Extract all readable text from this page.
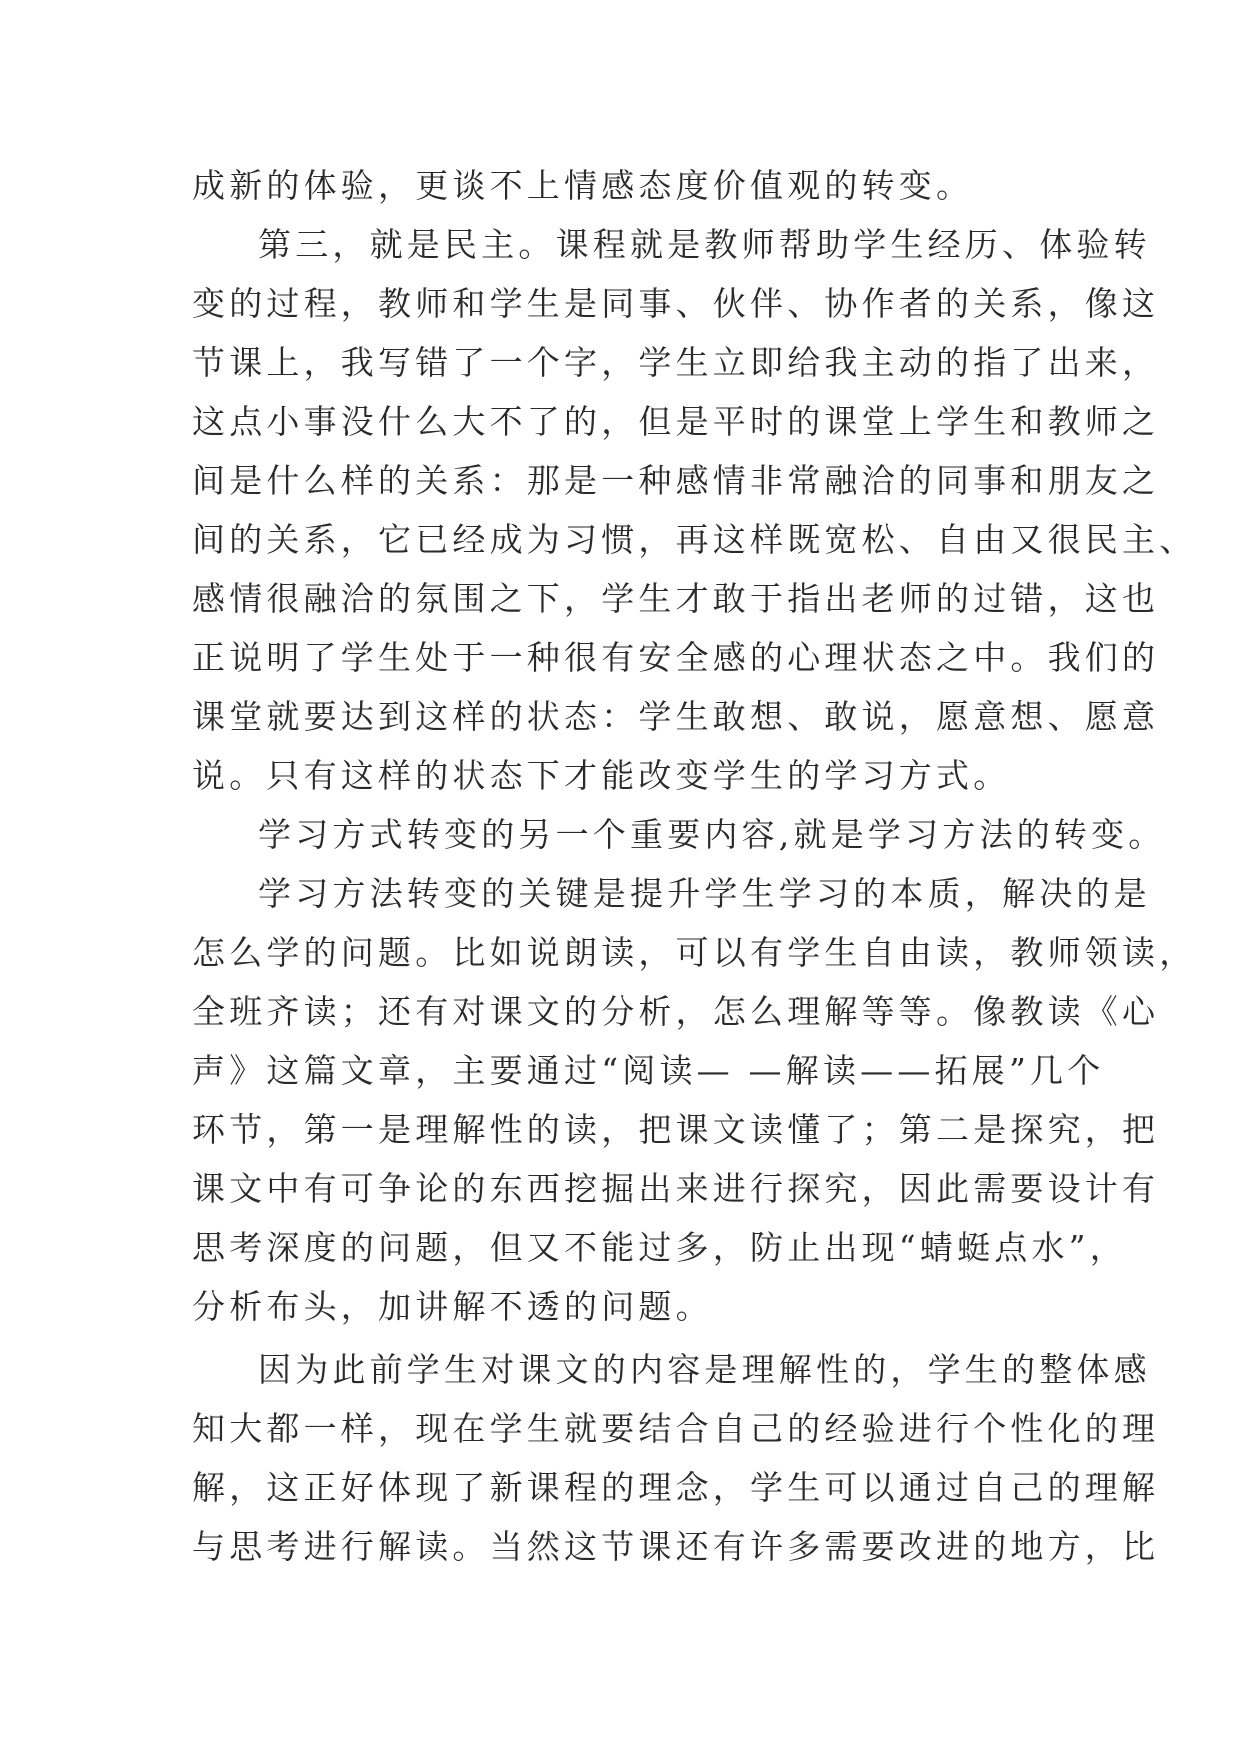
成新的体验，更谈不上情感态度价值观的转变。
第三，就是民主。课程就是教师帮助学生经历、体验转
变的过程，教师和学生是同事、伙伴、协作者的关系，像这
节课上，我写错了一个字，学生立即给我主动的指了出来，
这点小事没什么大不了的，但是平时的课堂上学生和教师之
间是什么样的关系：那是一种感情非常融洽的同事和朋友之
间的关系，它已经成为习惯，再这样既宽松、自由又很民主、
感情很融洽的氛围之下，学生才敢于指出老师的过错，这也
正说明了学生处于一种很有安全感的心理状态之中。我们的
课堂就要达到这样的状态：学生敢想、敢说，愿意想、愿意
说。只有这样的状态下才能改变学生的学习方式。
学习方式转变的另一个重要内容,就是学习方法的转变。
学习方法转变的关键是提升学生学习的本质，解决的是
怎么学的问题。比如说朗读，可以有学生自由读，教师领读，
全班齐读；还有对课文的分析，怎么理解等等。像教读《心
声》这篇文章，主要通过“阅读— —解读——拓展”几个
环节，第一是理解性的读，把课文读懂了；第二是探究，把
课文中有可争论的东西挖掘出来进行探究，因此需要设计有
思考深度的问题，但又不能过多，防止出现“蜻蜓点水”，
分析布头，加讲解不透的问题。
因为此前学生对课文的内容是理解性的，学生的整体感
知大都一样，现在学生就要结合自己的经验进行个性化的理
解，这正好体现了新课程的理念，学生可以通过自己的理解
与思考进行解读。当然这节课还有许多需要改进的地方，比
